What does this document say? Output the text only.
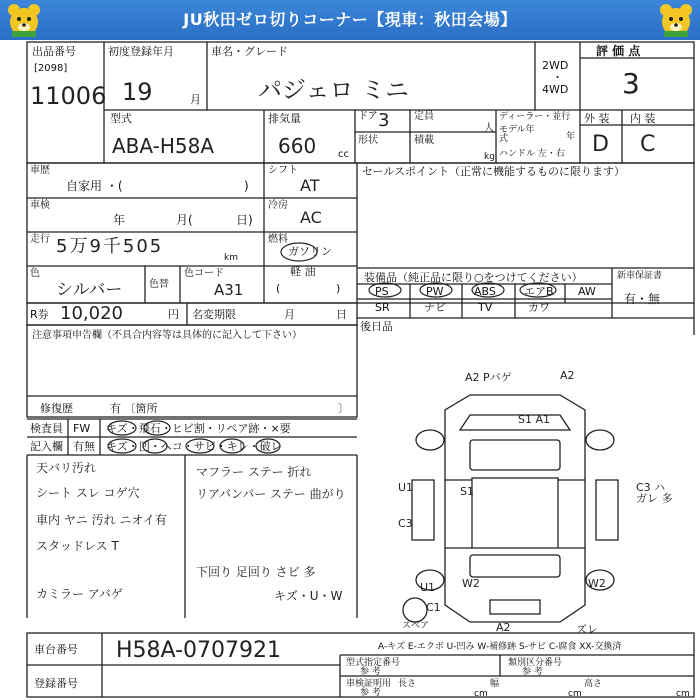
JU秋田ゼロ切りコーナー【現車：秋田会場】
出品番号
[2098]
11006
初度登録年月
19	月
車名・グレード
パジェロ ミニ
2WD
・
4WD
評 価 点
3
型式
ABA-H58A
排気量
660 cc
ドア 3
形状
定員
人
積載
kg
ディーラー・並行
モデル年式	年
ハンドル 左・右
外 装 内 装
D C
車歴
自家用 ・(	)
シフト
AT
セールスポイント（正常に機能するものに限ります）
車検
年	月(	日)
冷房
AC
走行 5万9千505
km
燃料
ガソリン
軽 油
(	)
色
シルバー	色替
色コード
A31
装備品（純正品に限り○をつけてください）	新車保証書
有・無
PS	PW	ABS	エアB AW
SR	ナビ	TV	カワ
R券 10,020	円 名変期限	月	日
後日品
注意事項申告欄（不具合内容等は具体的に記入して下さい）
修復歴	有 〔箇所	〕
検査員 FW
記入欄 有無
キズ・飛石・ヒビ割・リペア跡・×要
キズ・凹・ヘコ・サビ・キレ・破レ
天バリ汚れ
シート スレ コゲ穴
車内 ヤニ 汚れ ニオイ有
スタッドレス T
カミラー アバゲ
マフラー ステー 折れ
リアバンパー ステー 曲がり
下回り 足回り さビ 多
キズ・U・W
A2 Pバゲ	A2
S1 A1
U1	S1	C3 ハガレ 多
C3
W2	W2
U1
C1
スペア	A2	ズレ
A-キズ E-エクボ U-凹み W-補修跡 S-サビ C-腐食 XX-交換済
車台番号 H58A-0707921
登録番号
型式指定番号
参 考
類別区分番号
参 考
車検証明用
参 考
長さ
cm
幅
cm
高さ
cm
